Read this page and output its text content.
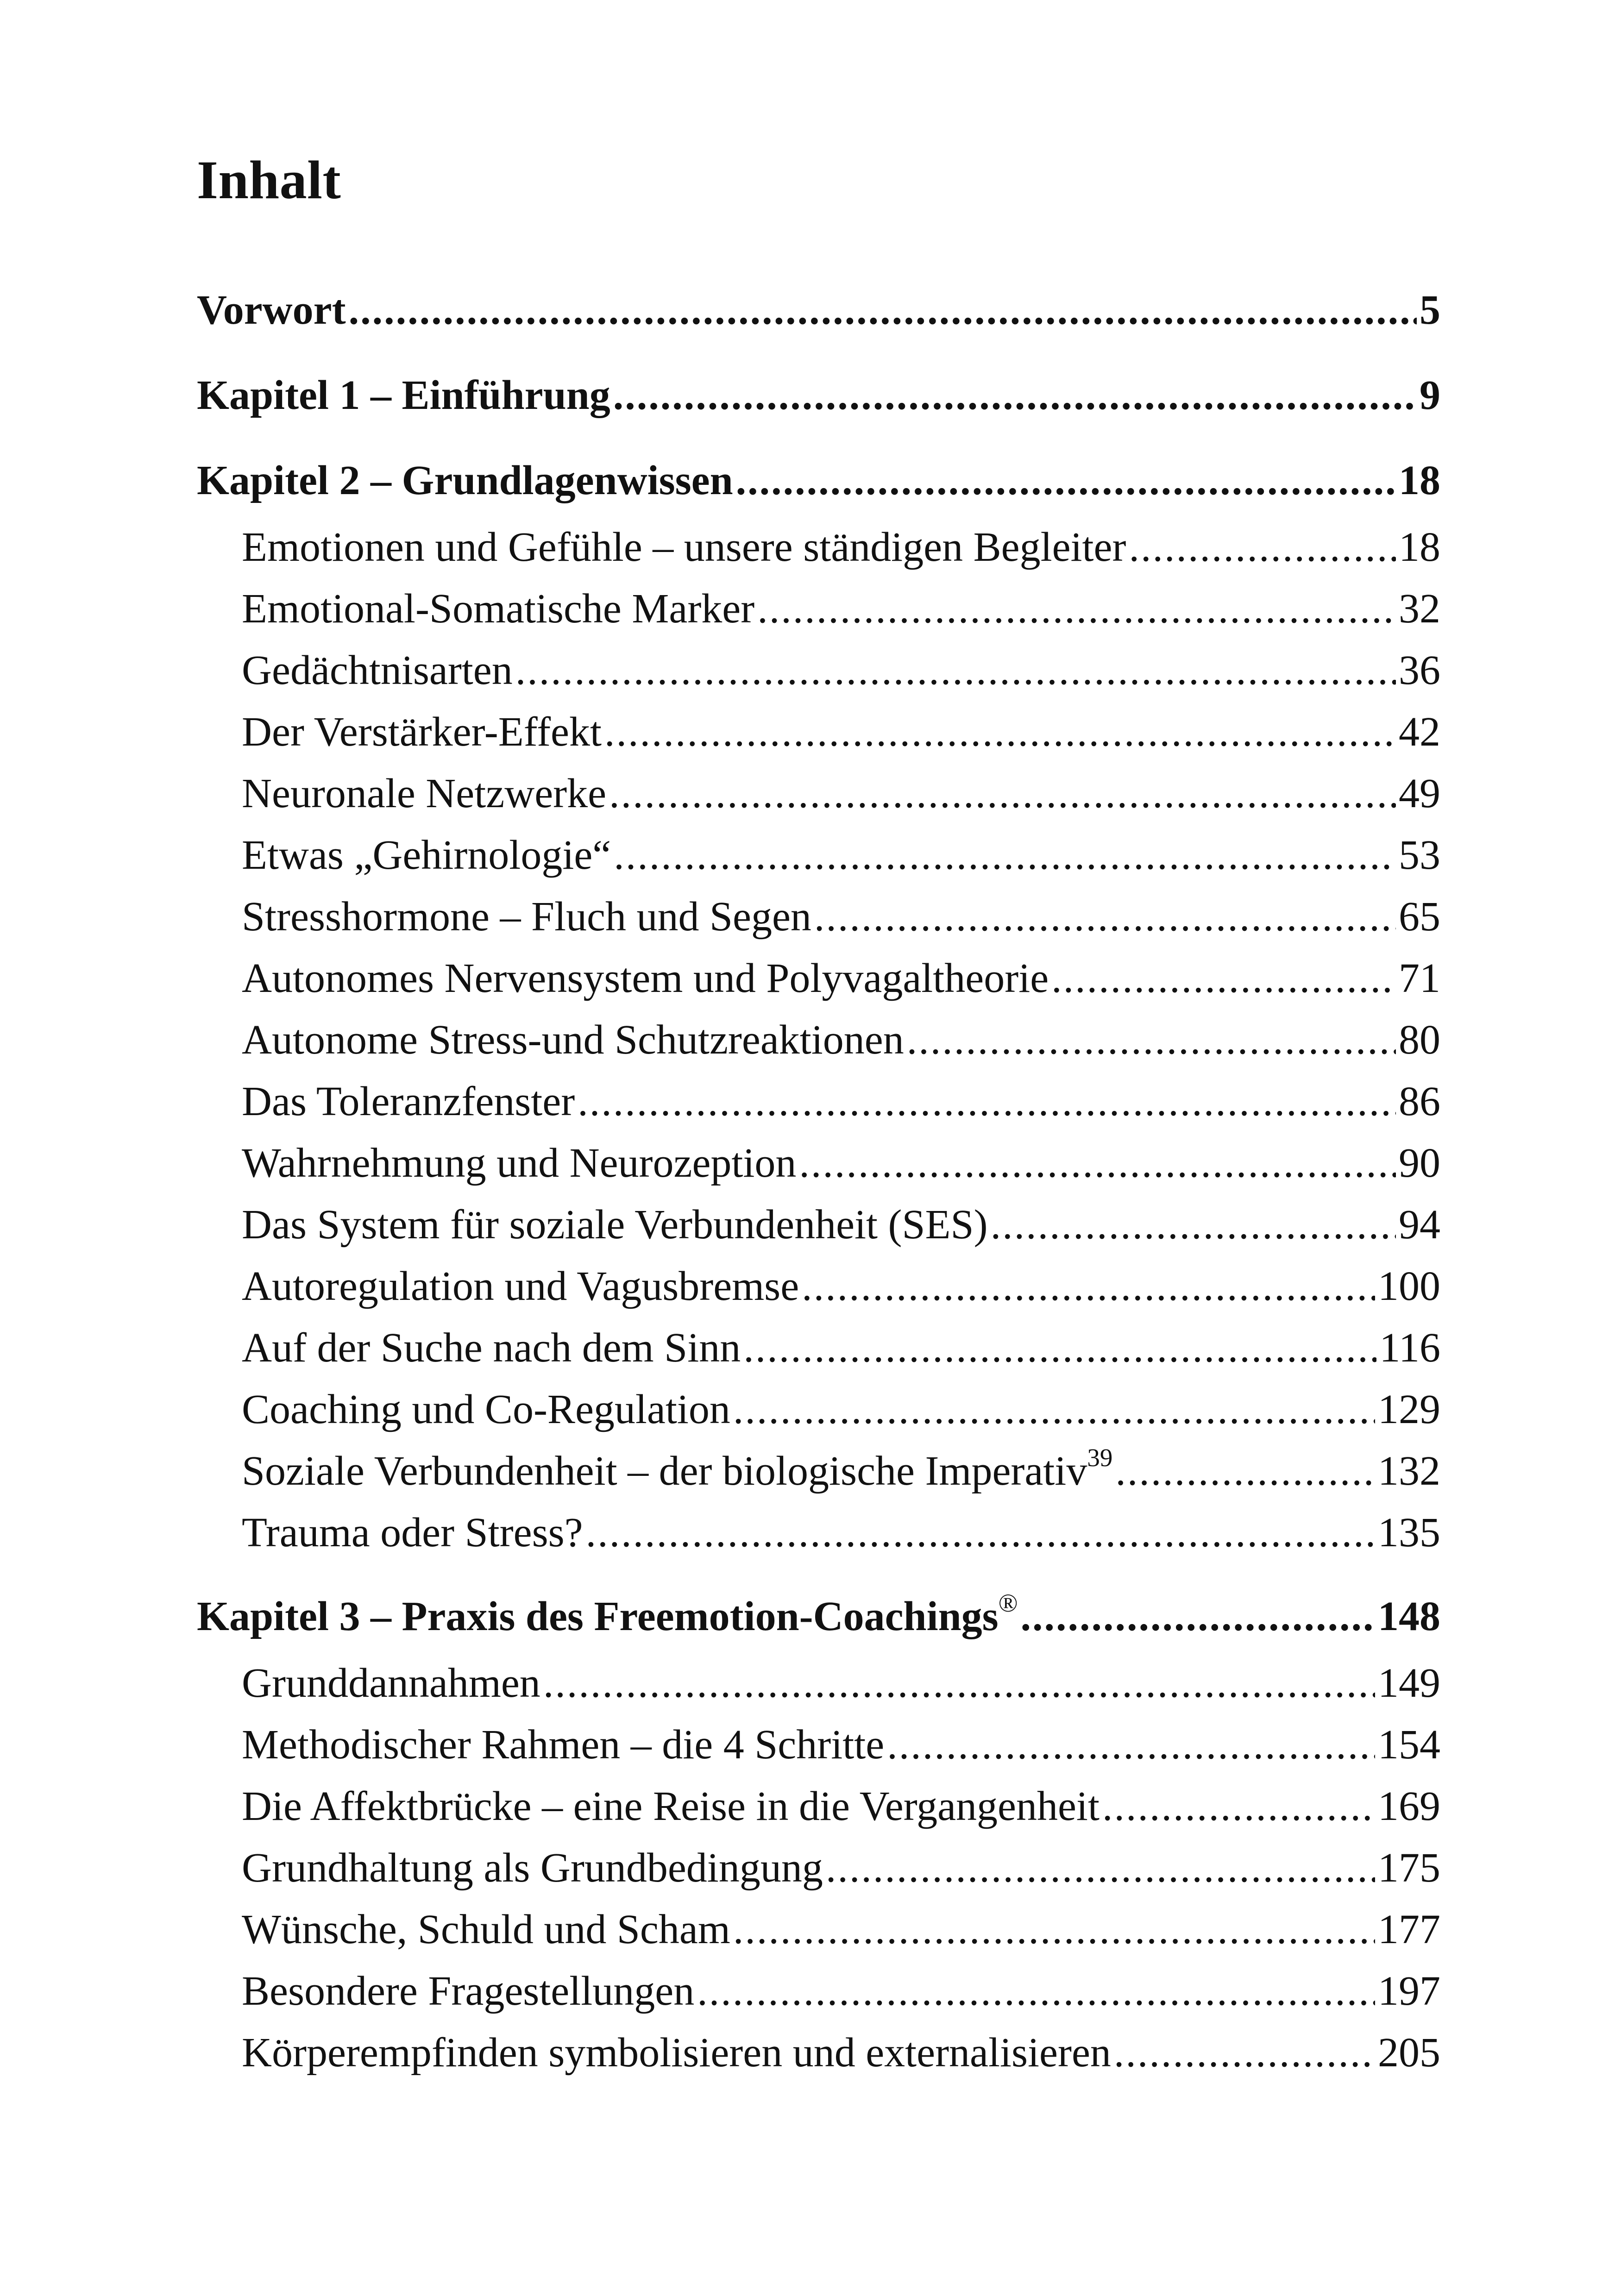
Inhalt
Vorwort .....	5
Kapitel 1 – Einführung .....	9
Kapitel 2 – Grundlagenwissen .....	18
Emotionen und Gefühle – unsere ständigen Begleiter .....	18
Emotional-Somatische Marker .....	32
Gedächtnisarten .....	36
Der Verstärker-Effekt .....	42
Neuronale Netzwerke .....	49
Etwas „Gehirnologie“ .....	53
Stresshormone – Fluch und Segen .....	65
Autonomes Nervensystem und Polyvagaltheorie .....	71
Autonome Stress-und Schutzreaktionen .....	80
Das Toleranzfenster .....	86
Wahrnehmung und Neurozeption .....	90
Das System für soziale Verbundenheit (SES) .....	94
Autoregulation und Vagusbremse .....	100
Auf der Suche nach dem Sinn .....	116
Coaching und Co-Regulation .....	129
Soziale Verbundenheit – der biologische Imperativ$^{39}$ .....	132
Trauma oder Stress? .....	135
Kapitel 3 – Praxis des Freemotion-Coachings® .....	148
Grunddannahmen .....	149
Methodischer Rahmen – die 4 Schritte .....	154
Die Affektbrücke – eine Reise in die Vergangenheit .....	169
Grundhaltung als Grundbedingung .....	175
Wünsche, Schuld und Scham .....	177
Besondere Fragestellungen .....	197
Körperempfinden symbolisieren und externalisieren .....	205
